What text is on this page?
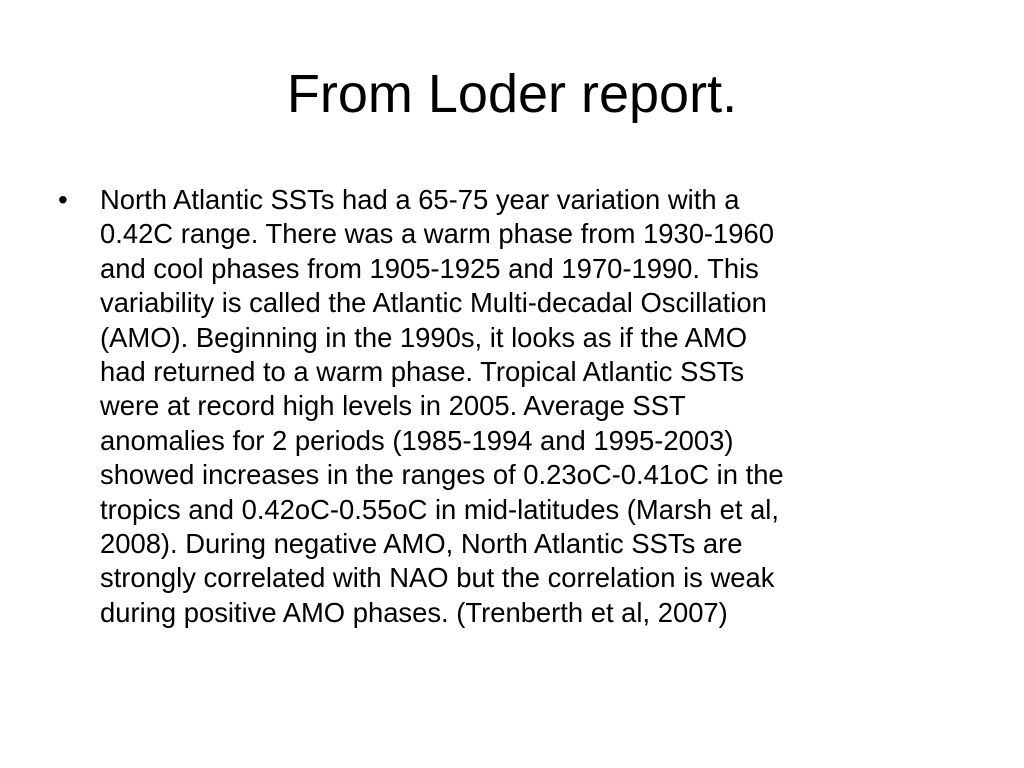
From Loder report.
•	North Atlantic SSTs had a 65-75 year variation with a
0.42C range. There was a warm phase from 1930-1960
and cool phases from 1905-1925 and 1970-1990. This
variability is called the Atlantic Multi-decadal Oscillation
(AMO). Beginning in the 1990s, it looks as if the AMO
had returned to a warm phase. Tropical Atlantic SSTs
were at record high levels in 2005. Average SST
anomalies for 2 periods (1985-1994 and 1995-2003)
showed increases in the ranges of 0.23oC-0.41oC in the
tropics and 0.42oC-0.55oC in mid-latitudes (Marsh et al,
2008). During negative AMO, North Atlantic SSTs are
strongly correlated with NAO but the correlation is weak
during positive AMO phases. (Trenberth et al, 2007)
